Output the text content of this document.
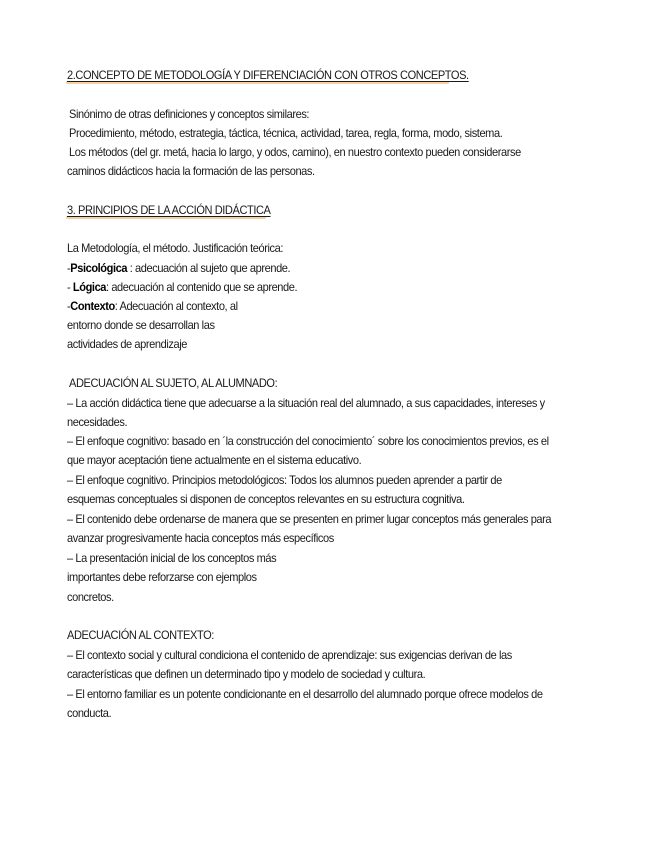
2.CONCEPTO DE METODOLOGÍA Y DIFERENCIACIÓN CON OTROS CONCEPTOS.
Sinónimo de otras definiciones y conceptos similares:
Procedimiento, método, estrategia, táctica, técnica, actividad, tarea, regla, forma, modo, sistema.
Los métodos (del gr. metá, hacia lo largo, y odos, camino), en nuestro contexto pueden considerarse
caminos didácticos hacia la formación de las personas.
3. PRINCIPIOS DE LA ACCIÓN DIDÁCTICA
La Metodología, el método. Justificación teórica:
-Psicológica : adecuación al sujeto que aprende.
- Lógica: adecuación al contenido que se aprende.
-Contexto: Adecuación al contexto, al
entorno donde se desarrollan las
actividades de aprendizaje
ADECUACIÓN AL SUJETO, AL ALUMNADO:
– La acción didáctica tiene que adecuarse a la situación real del alumnado, a sus capacidades, intereses y
necesidades.
– El enfoque cognitivo: basado en ´la construcción del conocimiento´ sobre los conocimientos previos, es el
que mayor aceptación tiene actualmente en el sistema educativo.
– El enfoque cognitivo. Principios metodológicos: Todos los alumnos pueden aprender a partir de
esquemas conceptuales si disponen de conceptos relevantes en su estructura cognitiva.
– El contenido debe ordenarse de manera que se presenten en primer lugar conceptos más generales para
avanzar progresivamente hacia conceptos más específicos
– La presentación inicial de los conceptos más
importantes debe reforzarse con ejemplos
concretos.
ADECUACIÓN AL CONTEXTO:
– El contexto social y cultural condiciona el contenido de aprendizaje: sus exigencias derivan de las
características que definen un determinado tipo y modelo de sociedad y cultura.
– El entorno familiar es un potente condicionante en el desarrollo del alumnado porque ofrece modelos de
conducta.
